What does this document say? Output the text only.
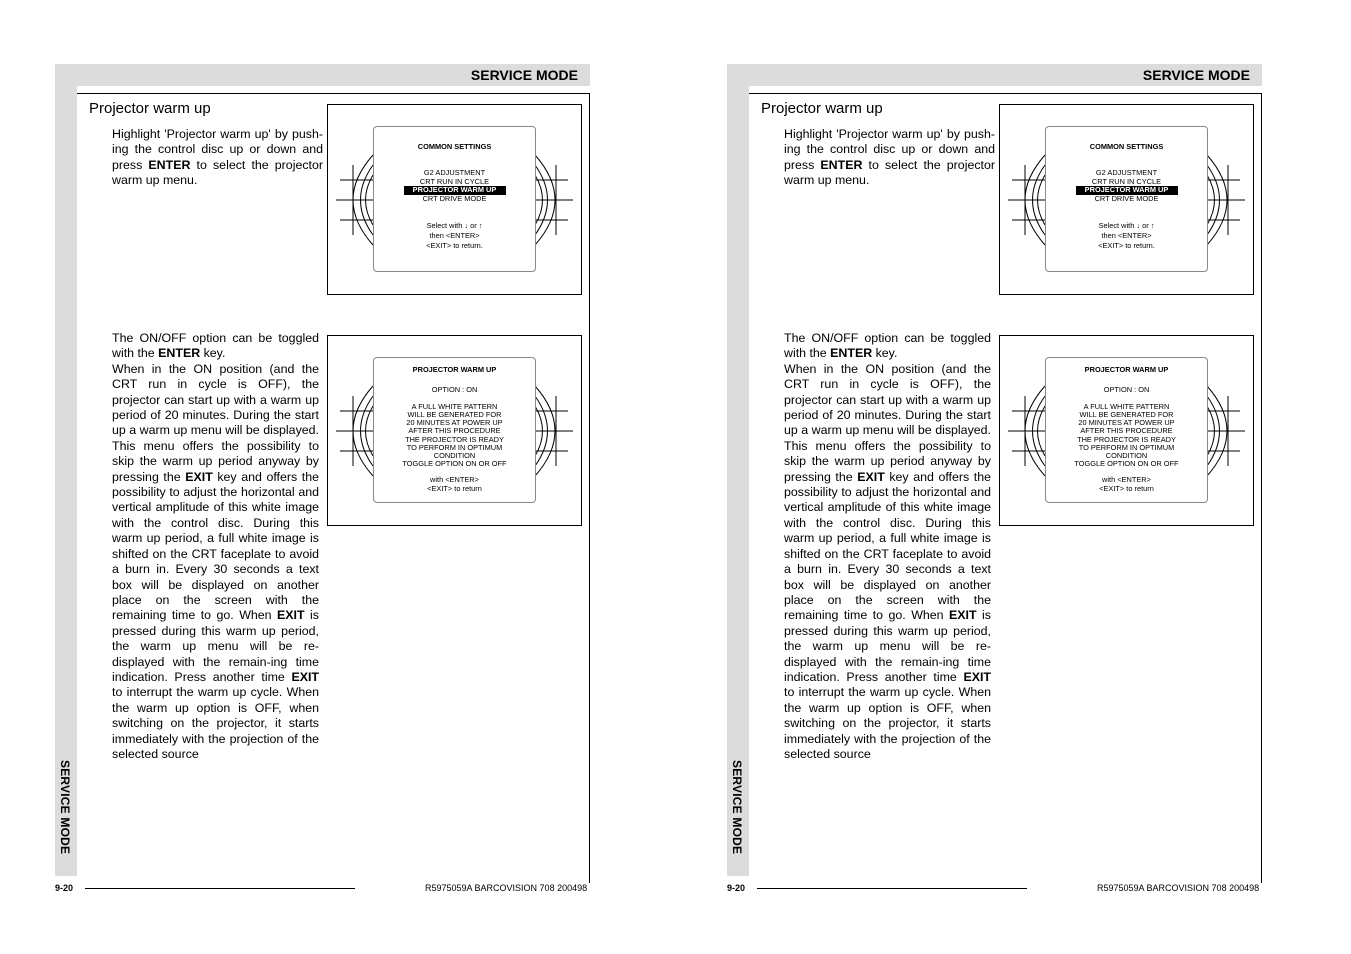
SERVICE MODE
SERVICE MODE
Projector warm up
Highlight 'Projector warm up' by push-ing the control disc up or down and press ENTER to select the projector warm up menu.
COMMON SETTINGS
G2 ADJUSTMENT
CRT RUN IN CYCLE
PROJECTOR WARM UP
CRT DRIVE MODE
Select with ↓ or ↑
then <ENTER>
<EXIT> to return.
The ON/OFF option can be toggled with the ENTER key.
When in the ON position (and the CRT run in cycle is OFF), the projector can start up with a warm up period of 20 minutes. During the start up a warm up menu will be displayed. This menu offers the possibility to skip the warm up period anyway by pressing the EXIT key and offers the possibility to adjust the horizontal and vertical amplitude of this white image with the control disc. During this warm up period, a full white image is shifted on the CRT faceplate to avoid a burn in. Every 30 seconds a text box will be displayed on another place on the screen with the remaining time to go. When EXIT is pressed during this warm up period, the warm up menu will be re-displayed with the remain-ing time indication. Press another time EXIT to interrupt the warm up cycle. When the warm up option is OFF, when switching on the projector, it starts immediately with the projection of the selected source
PROJECTOR WARM UP
OPTION : ON
A FULL WHITE PATTERN
WILL BE GENERATED FOR
20 MINUTES AT POWER UP
AFTER THIS PROCEDURE
THE PROJECTOR IS READY
TO PERFORM IN OPTIMUM
CONDITION
TOGGLE OPTION ON OR OFF
with <ENTER>
<EXIT> to return
9-20	R5975059A BARCOVISION 708 200498
SERVICE MODE
SERVICE MODE
Projector warm up
Highlight 'Projector warm up' by push-ing the control disc up or down and press ENTER to select the projector warm up menu.
COMMON SETTINGS
G2 ADJUSTMENT
CRT RUN IN CYCLE
PROJECTOR WARM UP
CRT DRIVE MODE
Select with ↓ or ↑
then <ENTER>
<EXIT> to return.
The ON/OFF option can be toggled with the ENTER key.
When in the ON position (and the CRT run in cycle is OFF), the projector can start up with a warm up period of 20 minutes. During the start up a warm up menu will be displayed. This menu offers the possibility to skip the warm up period anyway by pressing the EXIT key and offers the possibility to adjust the horizontal and vertical amplitude of this white image with the control disc. During this warm up period, a full white image is shifted on the CRT faceplate to avoid a burn in. Every 30 seconds a text box will be displayed on another place on the screen with the remaining time to go. When EXIT is pressed during this warm up period, the warm up menu will be re-displayed with the remain-ing time indication. Press another time EXIT to interrupt the warm up cycle. When the warm up option is OFF, when switching on the projector, it starts immediately with the projection of the selected source
PROJECTOR WARM UP
OPTION : ON
A FULL WHITE PATTERN
WILL BE GENERATED FOR
20 MINUTES AT POWER UP
AFTER THIS PROCEDURE
THE PROJECTOR IS READY
TO PERFORM IN OPTIMUM
CONDITION
TOGGLE OPTION ON OR OFF
with <ENTER>
<EXIT> to return
9-20	R5975059A BARCOVISION 708 200498
